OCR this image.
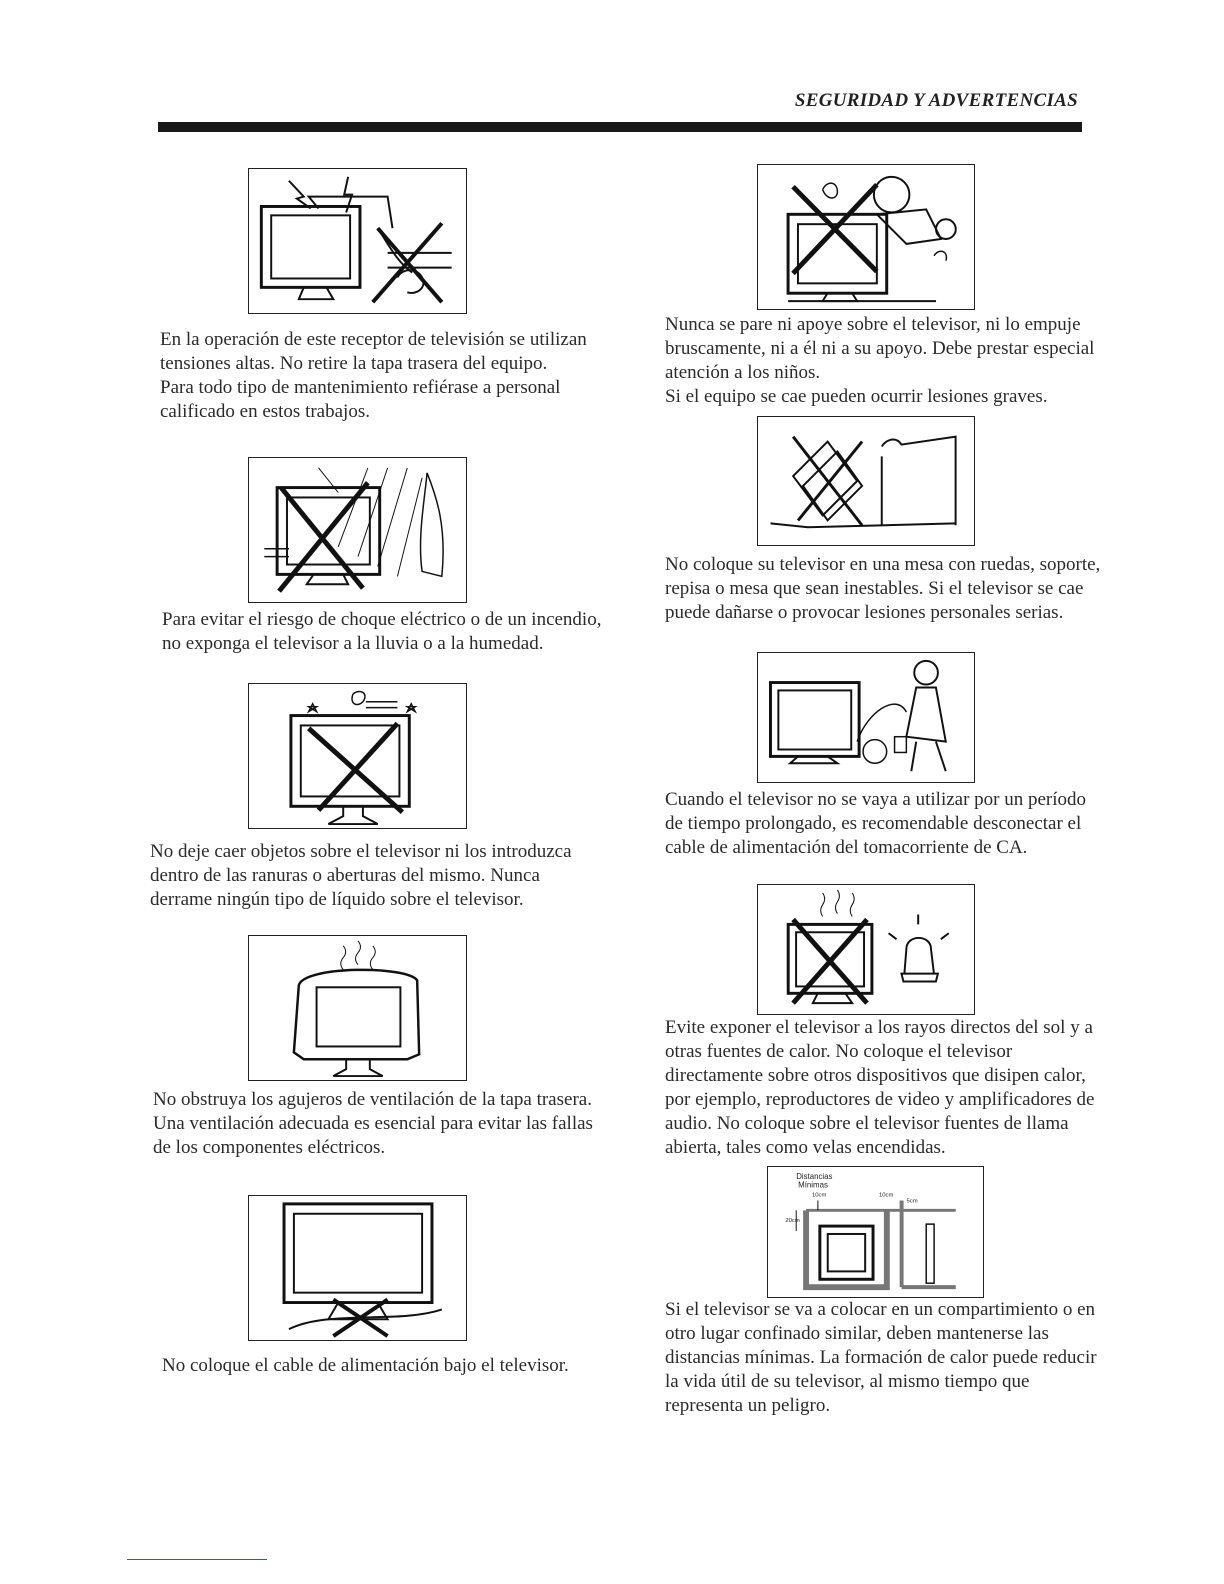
SEGURIDAD Y ADVERTENCIAS

En la operación de este receptor de televisión se utilizan tensiones altas. No retire la tapa trasera del equipo.

Para todo tipo de mantenimiento refiérase a personal calificado en estos trabajos.

Para evitar el riesgo de choque eléctrico o de un incendio, no exponga el televisor a la lluvia o a la humedad.

No deje caer objetos sobre el televisor ni los introduzca dentro de las ranuras o aberturas del mismo. Nunca derrame ningún tipo de líquido sobre el televisor.

No obstruya los agujeros de ventilación de la tapa trasera.

Una ventilación adecuada es esencial para evitar las fallas de los componentes eléctricos.

No coloque el cable de alimentación bajo el televisor.

Nunca se pare ni apoye sobre el televisor, ni lo empuje bruscamente, ni a él ni a su apoyo. Debe prestar especial atención a los niños.

Si el equipo se cae pueden ocurrir lesiones graves.

No coloque su televisor en una mesa con ruedas, soporte, repisa o mesa que sean inestables. Si el televisor se cae puede dañarse o provocar lesiones personales serias.

Cuando el televisor no se vaya a utilizar por un período de tiempo prolongado, es recomendable desconectar el cable de alimentación del tomacorriente de CA.

Evite exponer el televisor a los rayos directos del sol y a otras fuentes de calor. No coloque el televisor directamente sobre otros dispositivos que disipen calor, por ejemplo, reproductores de video y amplificadores de audio. No coloque sobre el televisor fuentes de llama abierta, tales como velas encendidas.

Distancias
Mínimas
10cm	10cm
5cm
20cm

Si el televisor se va a colocar en un compartimiento o en otro lugar confinado similar, deben mantenerse las distancias mínimas. La formación de calor puede reducir la vida útil de su televisor, al mismo tiempo que representa un peligro.
